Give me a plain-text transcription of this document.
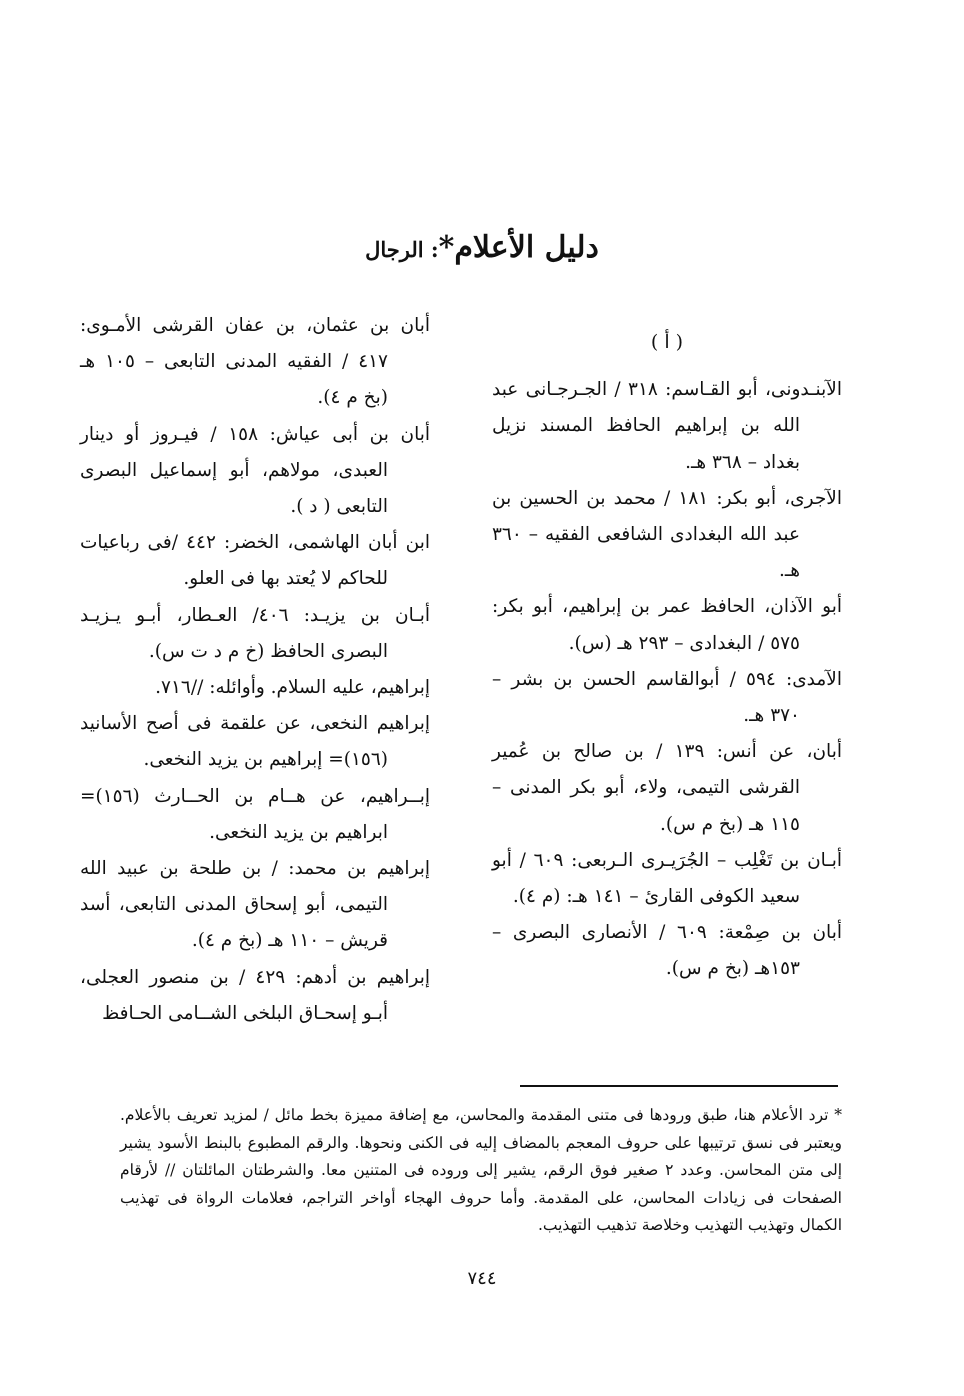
دليل الأعلام*: الرجال
( أ )

الآبنـدونى، أبو القـاسم: ٣١٨ / الجـرجـانى عبد الله بن إبراهيم الحافظ المسند نزيل بغداد – ٣٦٨ هـ.

الآجرى، أبو بكر: ١٨١ / محمد بن الحسين بن عبد الله البغدادى الشافعى الفقيه – ٣٦٠ هـ.

أبو الآذان، الحافظ عمر بن إبراهيم، أبو بكر: ٥٧٥ / البغدادى – ٢٩٣ هـ (س).

الآمدى: ٥٩٤ / أبوالقاسم الحسن بن بشر – ٣٧٠ هـ.

أبان، عن أنس: ١٣٩ / بن صالح بن عُمير القرشى التيمى، ولاء، أبو بكر المدنى – ١١٥ هـ (بخ م س).

أبـان بن تَغْلِب – الجُرَيـرى الـربعى: ٦٠٩ / أبو سعيد الكوفى القارئ – ١٤١ هـ: (م ٤).

أبان بن صِمْعة: ٦٠٩ / الأنصارى البصرى – ١٥٣هـ (بخ م س).

أبان بن عثمان، بن عفان القرشى الأمـوى: ٤١٧ / الفقيه المدنى التابعى – ١٠٥ هـ (بخ م ٤).

أبان بن أبى عياش: ١٥٨ / فيـروز أو دينار العبدى، مولاهم، أبو إسماعيل البصرى التابعى ( د ).

ابن أبان الهاشمى، الخضر: ٤٤٢ /فى رباعيات للحاكم لا يُعتد بها فى العلو.

أبـان بن يزيـد: ٤٠٦/ العـطار، أبـو يـزيـد البصرى الحافظ (خ م د ت س).

إبراهيم، عليه السلام. وأوائله: //٧١٦.

إبراهيم النخعى، عن علقمة فى أصح الأسانيد (١٥٦)= إبراهيم بن يزيد النخعى.

إبــراهيم، عن هــام بن الحــارث (١٥٦)= ابراهيم بن يزيد النخعى.

إبراهيم بن محمد: / بن طلحة بن عبيد الله التيمى، أبو إسحاق المدنى التابعى، أسد قريش – ١١٠ هـ (بخ م ٤).

إبراهيم بن أدهم: ٤٢٩ / بن منصور العجلى، أبـو إسحـاق البلخى الشــامى الحـافظ

* ترد الأعلام هنا، طبق ورودها فى متنى المقدمة والمحاسن، مع إضافة مميزة بخط مائل / لمزيد تعريف بالأعلام. ويعتبر فى نسق ترتيبها على حروف المعجم بالمضاف إليه فى الكنى ونحوها. والرقم المطبوع بالبنط الأسود يشير إلى متن المحاسن. وعدد ٢ صغير فوق الرقم، يشير إلى وروده فى المتنين معا. والشرطتان المائلتان // لأرقام الصفحات فى زيادات المحاسن، على المقدمة. وأما حروف الهجاء أواخر التراجم، فعلامات الرواة فى تهذيب الكمال وتهذيب التهذيب وخلاصة تذهيب التهذيب.
٧٤٤
